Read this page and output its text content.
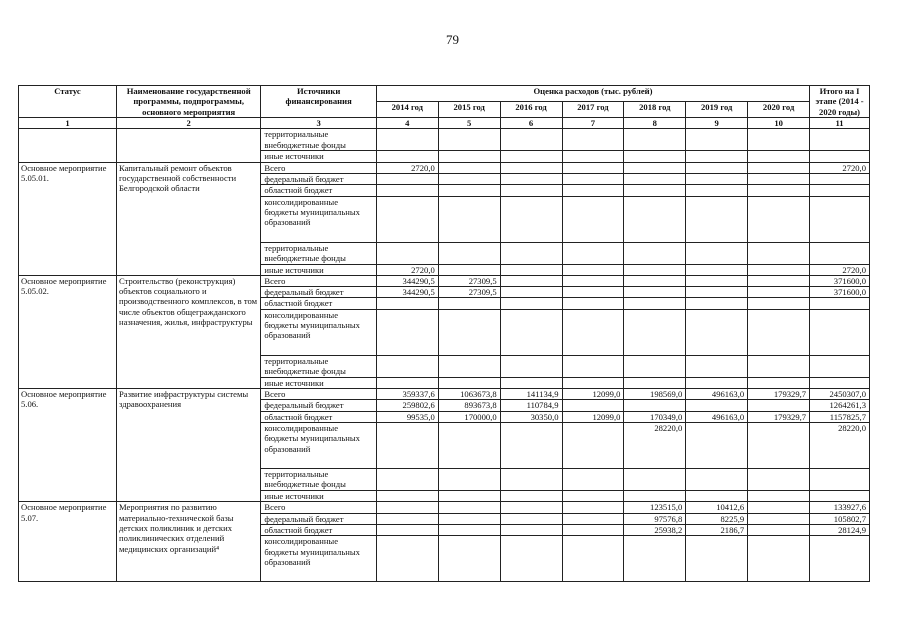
79
Статус	Наименование государственной программы, подпрограммы, основного мероприятия	Источники финансирования	Оценка расходов (тыс. рублей)							Итого на I этапе (2014 - 2020 годы)
			2014 год	2015 год	2016 год	2017 год	2018 год	2019 год	2020 год	
1	2	3	4	5	6	7	8	9	10	11
		территориальные внебюджетные фонды								
		иные источники								
Основное мероприятие 5.05.01.	Капитальный ремонт объектов государственной собственности Белгородской области	Всего	2720,0							2720,0
		федеральный бюджет								
		областной бюджет								
		консолидированные бюджеты муниципальных образований								
		территориальные внебюджетные фонды								
		иные источники	2720,0							2720,0
Основное мероприятие 5.05.02.	Строительство (реконструкция) объектов социального и производственного комплексов, в том числе объектов общегражданского назначения, жилья, инфраструктуры	Всего	344290,5	27309,5						371600,0
		федеральный бюджет	344290,5	27309,5						371600,0
		областной бюджет								
		консолидированные бюджеты муниципальных образований								
		территориальные внебюджетные фонды								
		иные источники								
Основное мероприятие 5.06.	Развитие инфраструктуры системы здравоохранения	Всего	359337,6	1063673,8	141134,9	12099,0	198569,0	496163,0	179329,7	2450307,0
		федеральный бюджет	259802,6	893673,8	110784,9					1264261,3
		областной бюджет	99535,0	170000,0	30350,0	12099,0	170349,0	496163,0	179329,7	1157825,7
		консолидированные бюджеты муниципальных образований					28220,0			28220,0
		территориальные внебюджетные фонды								
		иные источники								
Основное мероприятие 5.07.	Мероприятия по развитию материально-технической базы детских поликлиник и детских поликлинических отделений медицинских организаций⁴	Всего					123515,0	10412,6		133927,6
		федеральный бюджет					97576,8	8225,9		105802,7
		областной бюджет					25938,2	2186,7		28124,9
		консолидированные бюджеты муниципальных образований								
